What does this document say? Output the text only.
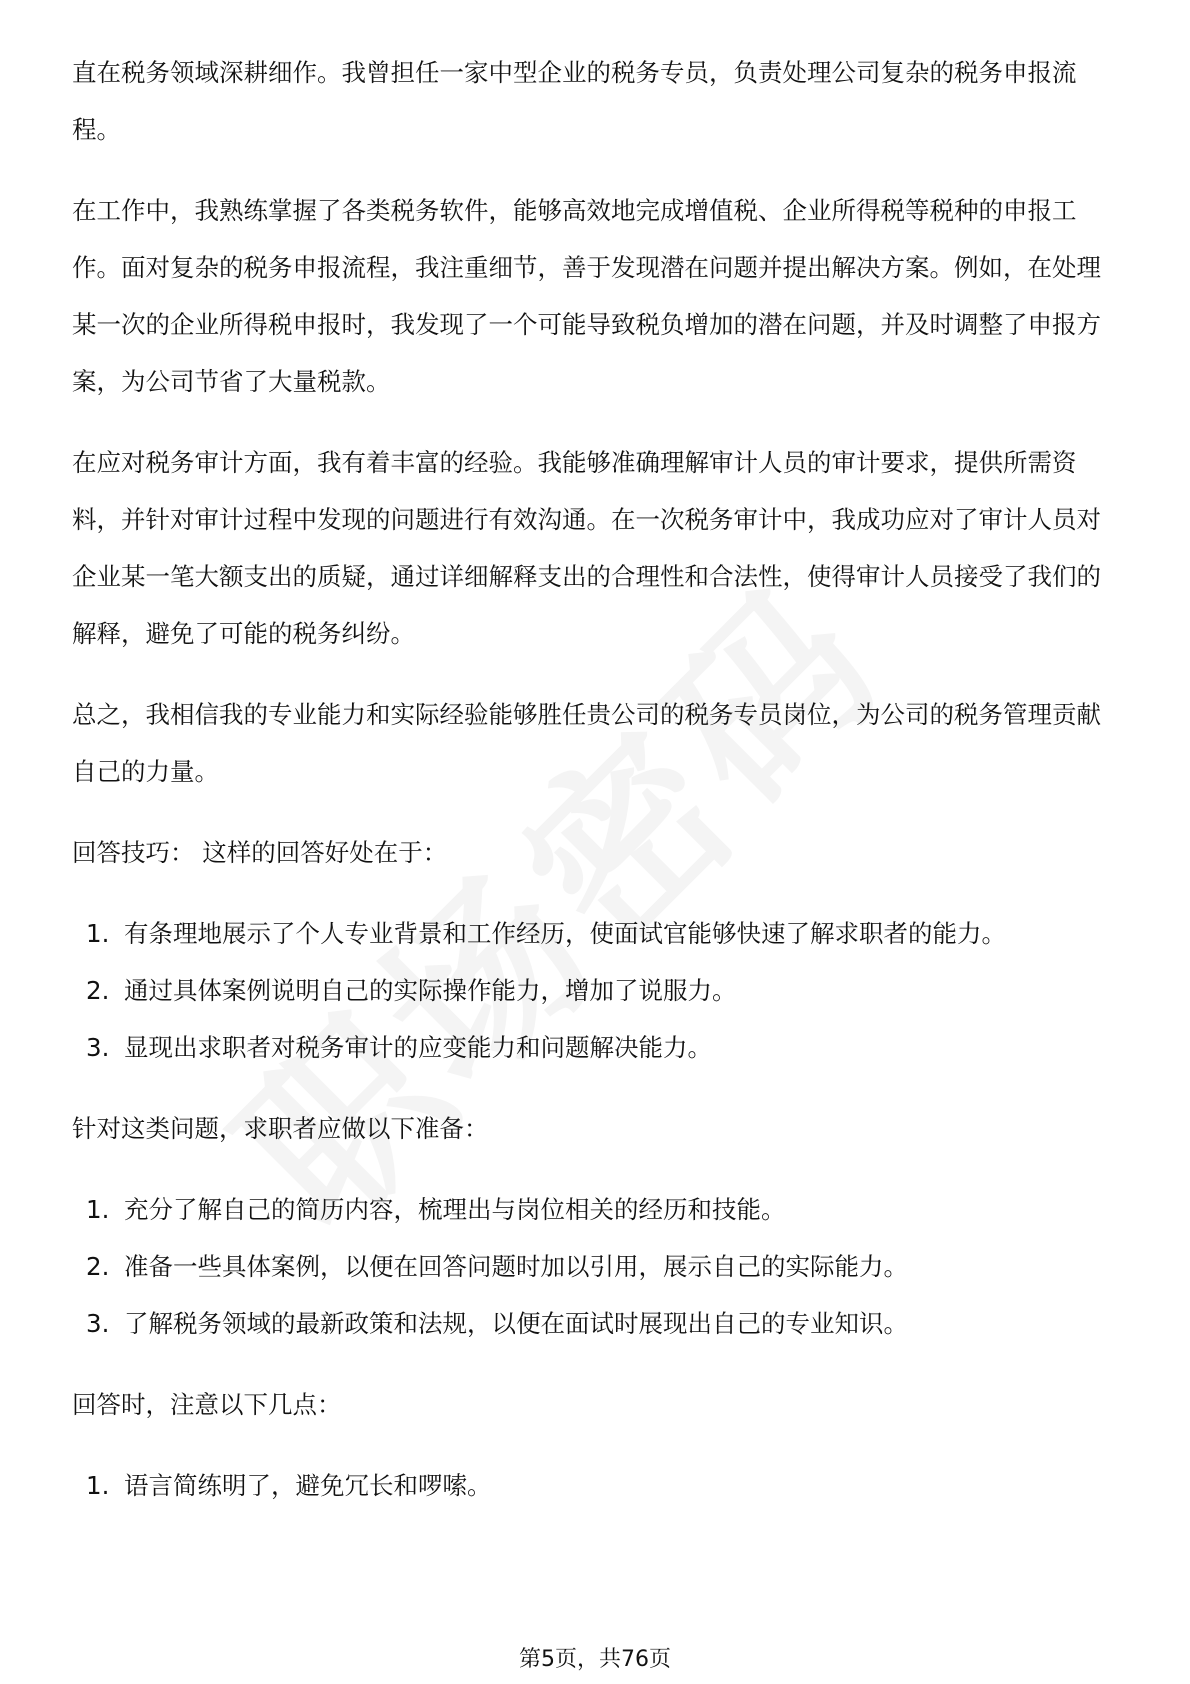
直在税务领域深耕细作。我曾担任一家中型企业的税务专员，负责处理公司复杂的税务申报流程。

在工作中，我熟练掌握了各类税务软件，能够高效地完成增值税、企业所得税等税种的申报工作。面对复杂的税务申报流程，我注重细节，善于发现潜在问题并提出解决方案。例如，在处理某一次的企业所得税申报时，我发现了一个可能导致税负增加的潜在问题，并及时调整了申报方案，为公司节省了大量税款。

在应对税务审计方面，我有着丰富的经验。我能够准确理解审计人员的审计要求，提供所需资料，并针对审计过程中发现的问题进行有效沟通。在一次税务审计中，我成功应对了审计人员对企业某一笔大额支出的质疑，通过详细解释支出的合理性和合法性，使得审计人员接受了我们的解释，避免了可能的税务纠纷。

总之，我相信我的专业能力和实际经验能够胜任贵公司的税务专员岗位，为公司的税务管理贡献自己的力量。

回答技巧： 这样的回答好处在于：

1. 有条理地展示了个人专业背景和工作经历，使面试官能够快速了解求职者的能力。
2. 通过具体案例说明自己的实际操作能力，增加了说服力。
3. 显现出求职者对税务审计的应变能力和问题解决能力。

针对这类问题，求职者应做以下准备：

1. 充分了解自己的简历内容，梳理出与岗位相关的经历和技能。
2. 准备一些具体案例，以便在回答问题时加以引用，展示自己的实际能力。
3. 了解税务领域的最新政策和法规，以便在面试时展现出自己的专业知识。

回答时，注意以下几点：

1. 语言简练明了，避免冗长和啰嗦。
第5页，共76页
